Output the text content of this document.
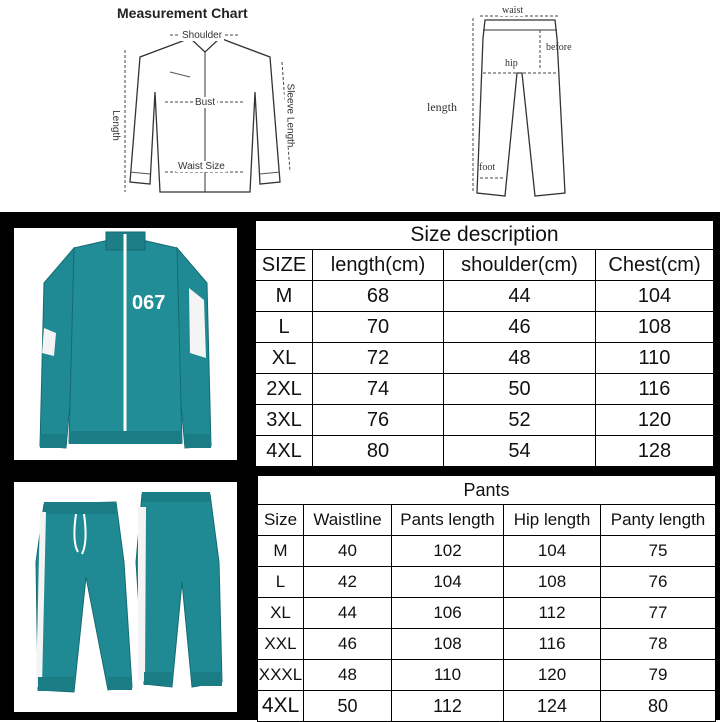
Measurement Chart
Shoulder
Bust
Waist Size
Length	Sleeve Length
waist
before
hip
length
foot
067
Size description			
SIZE	length(cm)	shoulder(cm)	Chest(cm)
M	68	44	104
L	70	46	108
XL	72	48	110
2XL	74	50	116
3XL	76	52	120
4XL	80	54	128
Pants				
Size	Waistline	Pants length	Hip length	Panty length
M	40	102	104	75
L	42	104	108	76
XL	44	106	112	77
XXL	46	108	116	78
XXXL	48	110	120	79
4XL	50	112	124	80
